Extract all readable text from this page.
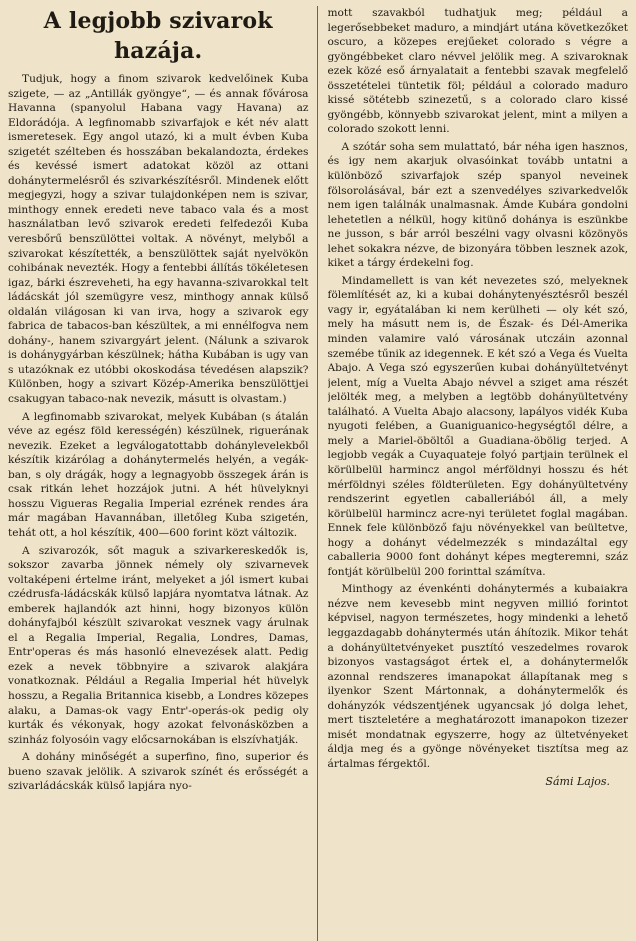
A legjobb szivarok hazája.

Tudjuk, hogy a finom szivarok kedvelőinek Kuba szigete, — az „Antillák gyöngye“, — és annak fővárosa Havanna (spanyolul Habana vagy Havana) az Eldorádója. A legfinomabb szivarfajok e két név alatt ismeretesek. Egy angol utazó, ki a mult évben Kuba szigetét szélteben és hosszában bekalandozta, érdekes és kevéssé ismert adatokat közöl az ottani dohánytermelésről és szivarkészítésről. Mindenek előtt megjegyzi, hogy a szivar tulajdonképen nem is szivar, minthogy ennek eredeti neve tabaco vala és a most használatban levő szivarok eredeti felfedezői Kuba veresbőrű benszülöttei voltak. A növényt, melyből a szivarokat készítették, a benszülöttek saját nyelvökön cohibának nevezték. Hogy a fentebbi állítás tökéletesen igaz, bárki észreveheti, ha egy havanna-szivarokkal telt ládácskát jól szemügyre vesz, minthogy annak külső oldalán világosan ki van irva, hogy a szivarok egy fabrica de tabacos-ban készültek, a mi ennélfogva nem dohány-, hanem szivargyárt jelent. (Nálunk a szivarok is dohánygyárban készülnek; hátha Kubában is ugy van s utazóknak ez utóbbi okoskodása tévedésen alapszik? Különben, hogy a szivart Közép-Amerika benszülöttjei csakugyan tabaco-nak nevezik, másutt is olvastam.)

A legfinomabb szivarokat, melyek Kubában (s átalán véve az egész föld kerességén) készülnek, riguerának nevezik. Ezeket a legválogatottabb dohánylevelekből készítik kizárólag a dohánytermelés helyén, a vegák-ban, s oly drágák, hogy a legnagyobb összegek árán is csak ritkán lehet hozzájok jutni. A hét hüvelyknyi hosszu Vigueras Regalia Imperial ezrének rendes ára már magában Havannában, illetőleg Kuba szigetén, tehát ott, a hol készítik, 400—600 forint közt változik.

A szivarozók, sőt maguk a szivarkereskedők is, sokszor zavarba jönnek némely oly szivarnevek voltaképeni értelme iránt, melyeket a jól ismert kubai czédrusfa-ládácskák külső lapjára nyomtatva látnak. Az emberek hajlandók azt hinni, hogy bizonyos külön dohányfajból készült szivarokat vesznek vagy árulnak el a Regalia Imperial, Regalia, Londres, Damas, Entr'operas és más hasonló elnevezések alatt. Pedig ezek a nevek többnyire a szivarok alakjára vonatkoznak. Például a Regalia Imperial hét hüvelyk hosszu, a Regalia Britannica kisebb, a Londres közepes alaku, a Damas-ok vagy Entr'-operás-ok pedig oly kurták és vékonyak, hogy azokat felvonásközben a szinház folyosóin vagy előcsarnokában is elszívhatják.

A dohány minőségét a superfino, fino, superior és bueno szavak jelölik. A szivarok színét és erősségét a szivarládácskák külső lapjára nyo-

mott szavakból tudhatjuk meg; például a legerősebbeket maduro, a mindjárt utána következőket oscuro, a közepes erejűeket colorado s végre a gyöngébbeket claro névvel jelölik meg. A szivaroknak ezek közé eső árnyalatait a fentebbi szavak megfelelő összetételei tüntetik föl; például a colorado maduro kissé sötétebb szinezetű, s a colorado claro kissé gyöngébb, könnyebb szivarokat jelent, mint a milyen a colorado szokott lenni.

A szótár soha sem mulattató, bár néha igen hasznos, és igy nem akarjuk olvasóinkat tovább untatni a különböző szivarfajok szép spanyol neveinek fölsorolásával, bár ezt a szenvedélyes szivarkedvelők nem igen találnák unalmasnak. Ámde Kubára gondolni lehetetlen a nélkül, hogy kitünő dohánya is eszünkbe ne jusson, s bár arról beszélni vagy olvasni közönyös lehet sokakra nézve, de bizonyára többen lesznek azok, kiket a tárgy érdekelni fog.

Mindamellett is van két nevezetes szó, melyeknek fölemlítését az, ki a kubai dohánytenyésztésről beszél vagy ir, egyátalában ki nem kerülheti — oly két szó, mely ha másutt nem is, de Észak- és Dél-Amerika minden valamire való városának utczáin azonnal szemébe tűnik az idegennek. E két szó a Vega és Vuelta Abajo. A Vega szó egyszerűen kubai dohányültetvényt jelent, míg a Vuelta Abajo névvel a sziget ama részét jelölték meg, a melyben a legtöbb dohányültetvény található. A Vuelta Abajo alacsony, lapályos vidék Kuba nyugoti felében, a Guaniguanico-hegységtől délre, a mely a Mariel-öböltől a Guadiana-öbölig terjed. A legjobb vegák a Cuyaquateje folyó partjain terülnek el körülbelül harmincz angol mérföldnyi hosszu és hét mérföldnyi széles földterületen. Egy dohányültetvény rendszerint egyetlen caballeriából áll, a mely körülbelül harmincz acre-nyi területet foglal magában. Ennek fele különböző faju növényekkel van beültetve, hogy a dohányt védelmezzék s mindazáltal egy caballeria 9000 font dohányt képes megteremni, száz fontját körülbelül 200 forinttal számítva.

Minthogy az évenkénti dohánytermés a kubaiakra nézve nem kevesebb mint negyven millió forintot képvisel, nagyon természetes, hogy mindenki a lehető leggazdagabb dohánytermés után áhítozik. Mikor tehát a dohányültetvényeket pusztító veszedelmes rovarok bizonyos vastagságot értek el, a dohánytermelők azonnal rendszeres imanapokat állapítanak meg s ilyenkor Szent Mártonnak, a dohánytermelők és dohányzók védszentjének ugyancsak jó dolga lehet, mert tiszteletére a meghatározott imanapokon tizezer misét mondatnak egyszerre, hogy az ültetvényeket áldja meg és a gyönge növényeket tisztítsa meg az ártalmas férgektől.

Sámi Lajos.
